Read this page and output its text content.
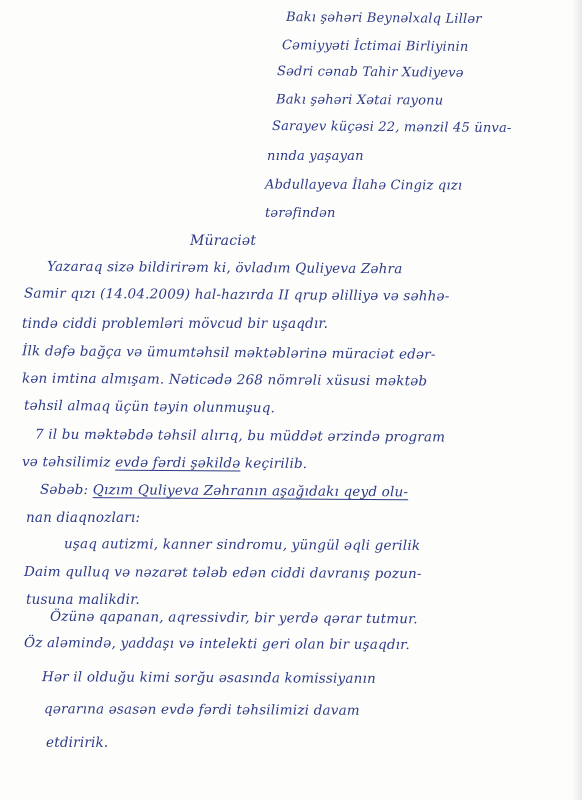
Bakı şəhəri Beynəlxalq Lillər
Cəmiyyəti İctimai Birliyinin
Sədri cənab Tahir Xudiyevə
Bakı şəhəri Xətai rayonu
Sarayev küçəsi 22, mənzil 45 ünva-
nında yaşayan
Abdullayeva İlahə Cingiz qızı
tərəfindən
Müraciət
Yazaraq sizə bildirirəm ki, övladım Quliyeva Zəhra
Samir qızı (14.04.2009) hal-hazırda II qrup əlilliyə və səhhə-
tində ciddi problemləri mövcud bir uşaqdır.
İlk dəfə bağça və ümumtəhsil məktəblərinə müraciət edər-
kən imtina almışam. Nəticədə 268 nömrəli xüsusi məktəb
təhsil almaq üçün təyin olunmuşuq.
7 il bu məktəbdə təhsil alırıq, bu müddət ərzində program
və təhsilimiz evdə fərdi şəkildə keçirilib.
Səbəb: Qızım Quliyeva Zəhranın aşağıdakı qeyd olu-
nan diaqnozları:
uşaq autizmi, kanner sindromu, yüngül əqli gerilik
Daim qulluq və nəzarət tələb edən ciddi davranış pozun-
tusuna malikdir.
Özünə qapanan, aqressivdir, bir yerdə qərar tutmur.
Öz aləmində, yaddaşı və intelekti geri olan bir uşaqdır.
Hər il olduğu kimi sorğu əsasında komissiyanın
qərarına əsasən evdə fərdi təhsilimizi davam
etdiririk.
